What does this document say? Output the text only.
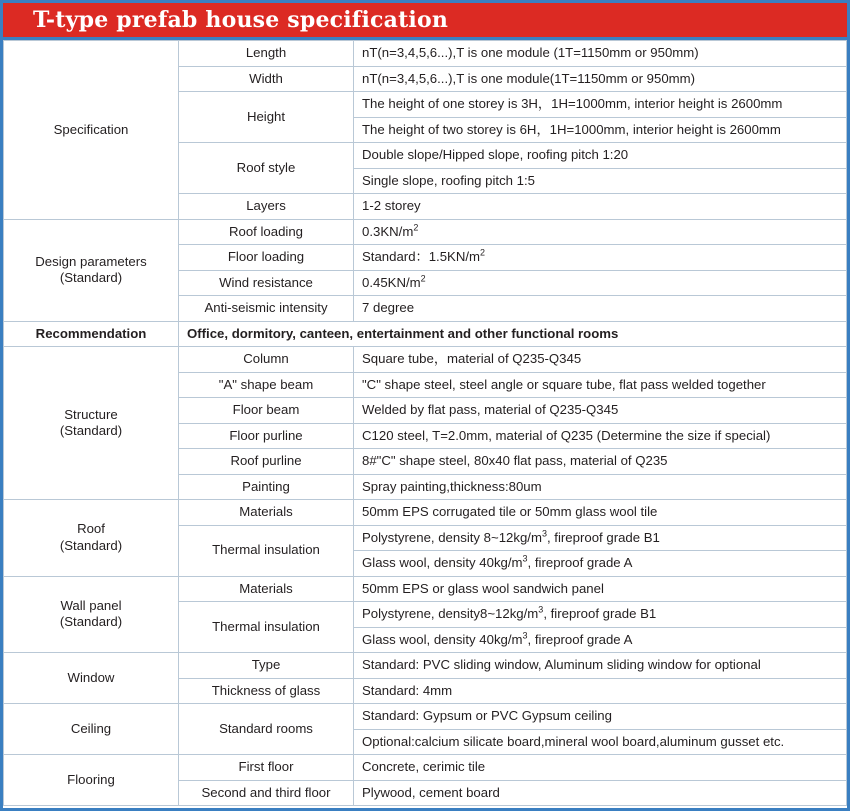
T-type prefab house specification
Specification	Length	nT(n=3,4,5,6...),T is one module (1T=1150mm or 950mm)
	Width	nT(n=3,4,5,6...),T is one module(1T=1150mm or 950mm)
	Height	The height of one storey is 3H，1H=1000mm, interior height is 2600mm
		The height of two storey is 6H，1H=1000mm, interior height is 2600mm
	Roof style	Double slope/Hipped slope, roofing pitch 1:20
		Single slope, roofing pitch 1:5
	Layers	1-2 storey

Design parameters
(Standard)	Roof loading	$0.3KN/m^2$
	Floor loading	Standard：$1.5KN/m^2$
	Wind resistance	$0.45KN/m^2$
	Anti-seismic intensity	7 degree
Recommendation	Office, dormitory, canteen, entertainment and other functional rooms	

Structure
(Standard)	Column	Square tube，material of Q235-Q345
	"A" shape beam	"C" shape steel, steel angle or square tube, flat pass welded together
	Floor beam	Welded by flat pass, material of Q235-Q345
	Floor purline	C120 steel, T=2.0mm, material of Q235 (Determine the size if special)
	Roof purline	8#"C" shape steel, 80x40 flat pass, material of Q235
	Painting	Spray painting,thickness:80um

Roof
(Standard)	Materials	50mm EPS corrugated tile or 50mm glass wool tile
	Thermal insulation	Polystyrene, density $8\sim 12kg/m^3$, fireproof grade B1
		Glass wool, density $40kg/m^3$, fireproof grade A

Wall panel
(Standard)	Materials	50mm EPS or glass wool sandwich panel
	Thermal insulation	Polystyrene, $density8\sim 12kg/m^3$, fireproof grade B1
		Glass wool, density $40kg/m^3$, fireproof grade A
Window	Type	Standard: PVC sliding window, Aluminum sliding window for optional
	Thickness of glass	Standard: 4mm
Ceiling	Standard rooms	Standard: Gypsum or PVC Gypsum ceiling
		Optional:calcium silicate board,mineral wool board,aluminum gusset etc.
Flooring	First floor	Concrete, cerimic tile
	Second and third floor	Plywood, cement board
